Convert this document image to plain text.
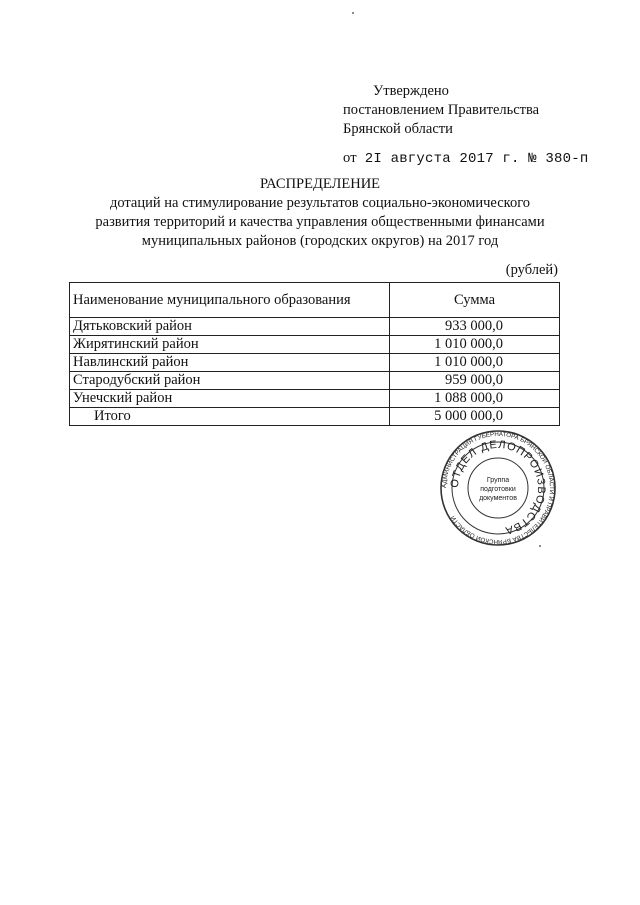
Утверждено
постановлением Правительства
Брянской области
от 2I августа 2017 г. № 380-п
РАСПРЕДЕЛЕНИЕ
дотаций на стимулирование результатов социально-экономического
развития территорий и качества управления общественными финансами
муниципальных районов (городских округов) на 2017 год
(рублей)
Наименование муниципального образования	Сумма
Дятьковский район	933 000,0
Жирятинский район	1 010 000,0
Навлинский район	1 010 000,0
Стародубский район	959 000,0
Унечский район	1 088 000,0
Итого	5 000 000,0
АДМИНИСТРАЦИЯ ГУБЕРНАТОРА БРЯНСКОЙ ОБЛАСТИ И ПРАВИТЕЛЬСТВА БРЯНСКОЙ ОБЛАСТИ
ОТДЕЛ ДЕЛОПРОИЗВОДСТВА
Группа
подготовки
документов
